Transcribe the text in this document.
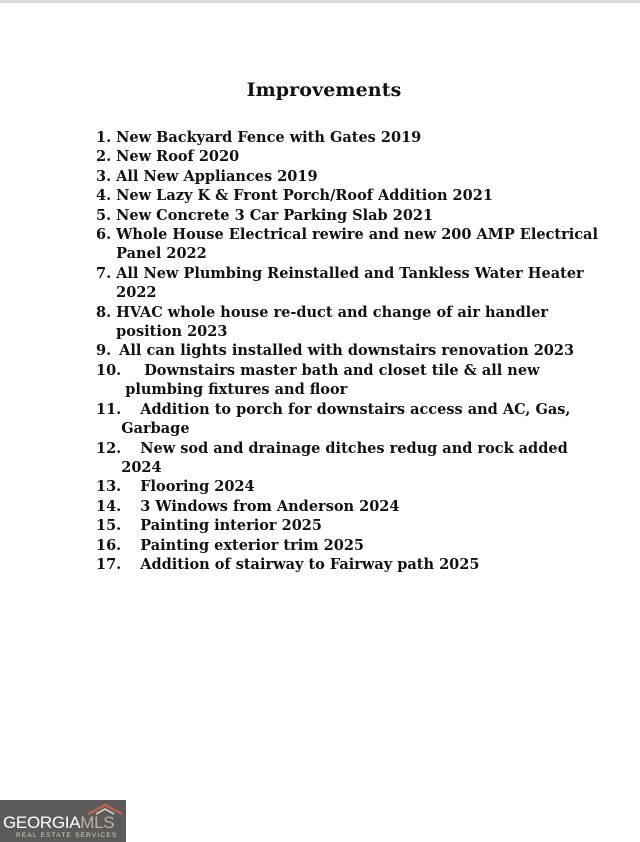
Improvements
1. New Backyard Fence with Gates 2019
2. New Roof 2020
3. All New Appliances 2019
4. New Lazy K & Front Porch/Roof Addition 2021
5. New Concrete 3 Car Parking Slab 2021
6. Whole House Electrical rewire and new 200 AMP Electrical
Panel 2022
7. All New Plumbing Reinstalled and Tankless Water Heater
2022
8. HVAC whole house re-duct and change of air handler
position 2023
9. All can lights installed with downstairs renovation 2023
10.	Downstairs master bath and closet tile & all new
plumbing fixtures and floor
11.	Addition to porch for downstairs access and AC, Gas,
Garbage
12.	New sod and drainage ditches redug and rock added
2024
13. Flooring 2024
14. 3 Windows from Anderson 2024
15. Painting interior 2025
16. Painting exterior trim 2025
17. Addition of stairway to Fairway path 2025
GEORGIAMLS
REAL ESTATE SERVICES
